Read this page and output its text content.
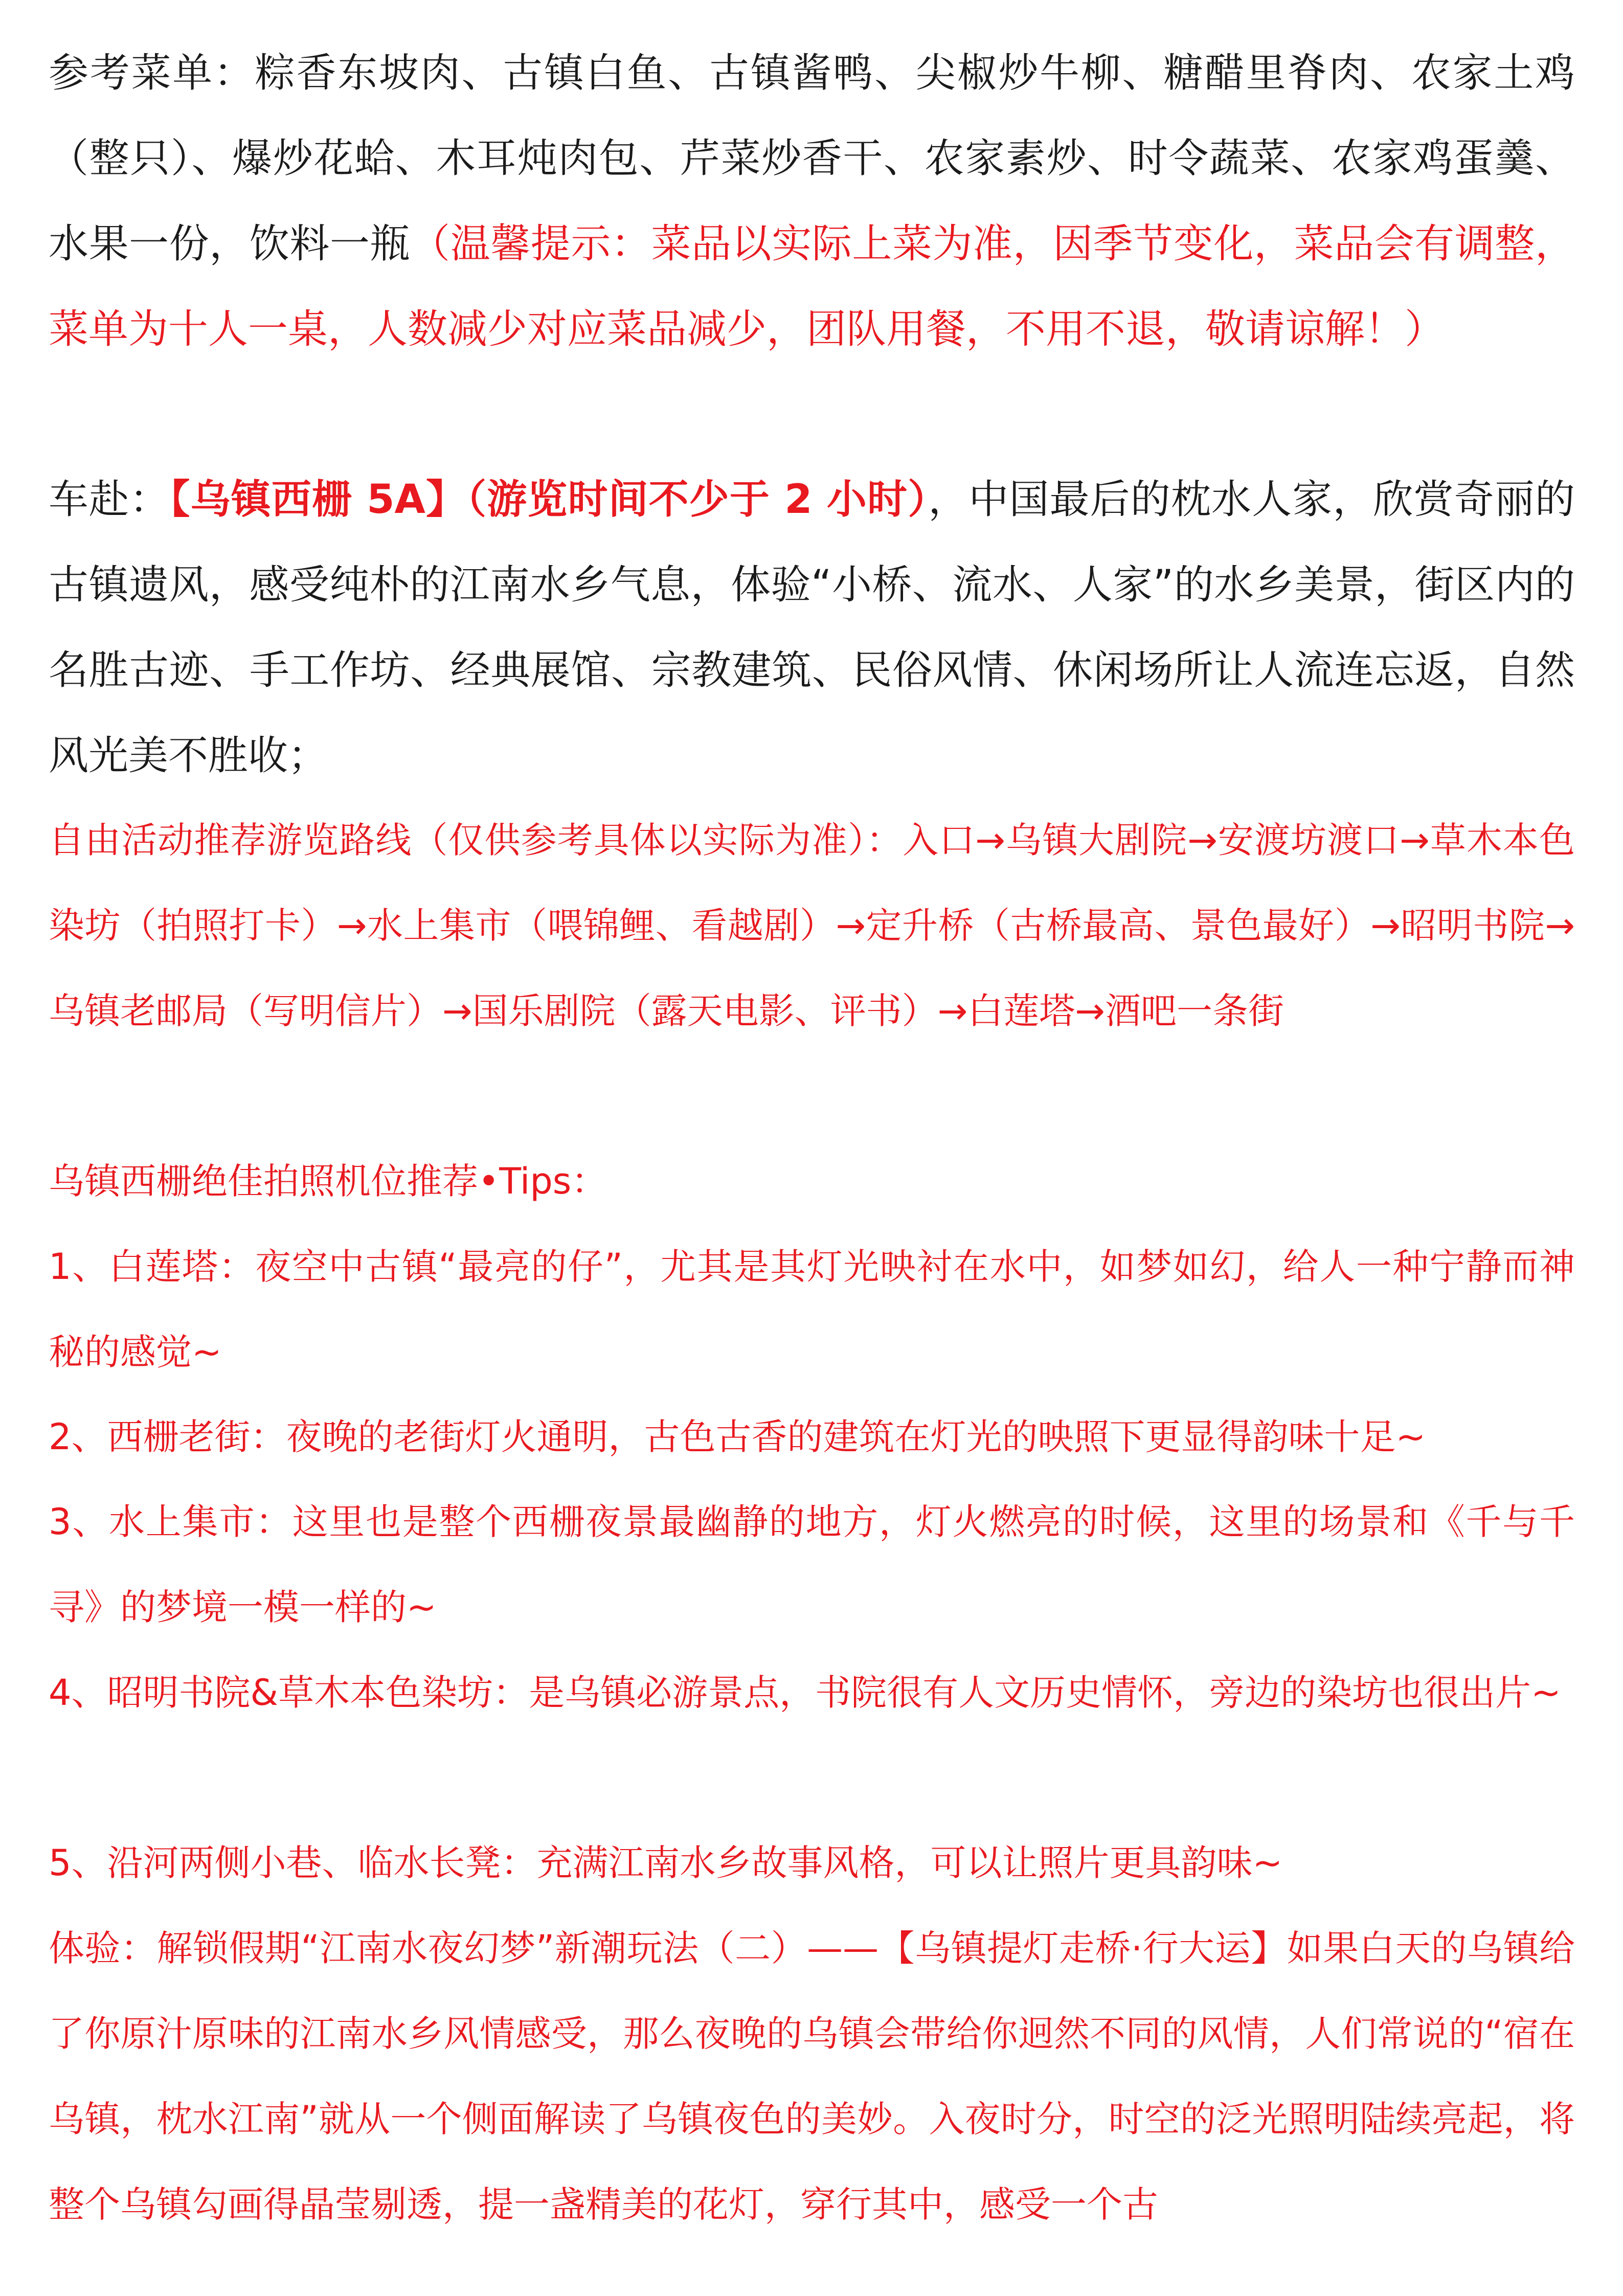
参考菜单：粽香东坡肉、古镇白鱼、古镇酱鸭、尖椒炒牛柳、糖醋里脊肉、农家土鸡（整只）、爆炒花蛤、木耳炖肉包、芹菜炒香干、农家素炒、时令蔬菜、农家鸡蛋羹、水果一份，饮料一瓶（温馨提示：菜品以实际上菜为准，因季节变化，菜品会有调整，菜单为十人一桌，人数减少对应菜品减少，团队用餐，不用不退，敬请谅解！）

车赴：【乌镇西栅 5A】（游览时间不少于 2 小时），中国最后的枕水人家，欣赏奇丽的古镇遗风，感受纯朴的江南水乡气息，体验“小桥、流水、人家”的水乡美景，街区内的名胜古迹、手工作坊、经典展馆、宗教建筑、民俗风情、休闲场所让人流连忘返，自然风光美不胜收；

自由活动推荐游览路线（仅供参考具体以实际为准）：入口→乌镇大剧院→安渡坊渡口→草木本色染坊（拍照打卡）→水上集市（喂锦鲤、看越剧）→定升桥（古桥最高、景色最好）→昭明书院→乌镇老邮局（写明信片）→国乐剧院（露天电影、评书）→白莲塔→酒吧一条街

乌镇西栅绝佳拍照机位推荐•Tips：

1、白莲塔：夜空中古镇“最亮的仔”，尤其是其灯光映衬在水中，如梦如幻，给人一种宁静而神秘的感觉~

2、西栅老街：夜晚的老街灯火通明，古色古香的建筑在灯光的映照下更显得韵味十足~

3、水上集市：这里也是整个西栅夜景最幽静的地方，灯火燃亮的时候，这里的场景和《千与千寻》的梦境一模一样的~

4、昭明书院&草木本色染坊：是乌镇必游景点，书院很有人文历史情怀，旁边的染坊也很出片~

5、沿河两侧小巷、临水长凳：充满江南水乡故事风格，可以让照片更具韵味~

体验：解锁假期“江南水夜幻梦”新潮玩法（二）——【乌镇提灯走桥·行大运】如果白天的乌镇给了你原汁原味的江南水乡风情感受，那么夜晚的乌镇会带给你迥然不同的风情，人们常说的“宿在乌镇，枕水江南”就从一个侧面解读了乌镇夜色的美妙。入夜时分，时空的泛光照明陆续亮起，将整个乌镇勾画得晶莹剔透，提一盏精美的花灯，穿行其中，感受一个古
